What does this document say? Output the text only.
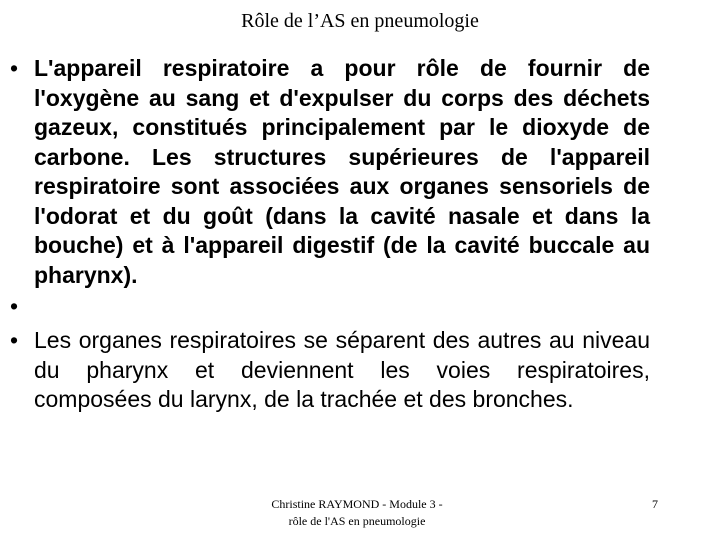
Rôle de l’AS en pneumologie
• L'appareil respiratoire a pour rôle de fournir de l'oxygène au sang et d'expulser du corps des déchets gazeux, constitués principalement par le dioxyde de carbone. Les structures supérieures de l'appareil respiratoire sont associées aux organes sensoriels de l'odorat et du goût (dans la cavité nasale et dans la bouche) et à l'appareil digestif (de la cavité buccale au pharynx).
•
• Les organes respiratoires se séparent des autres au niveau du pharynx et deviennent les voies respiratoires, composées du larynx, de la trachée et des bronches.
Christine RAYMOND - Module 3 -
rôle de l'AS en pneumologie
7
